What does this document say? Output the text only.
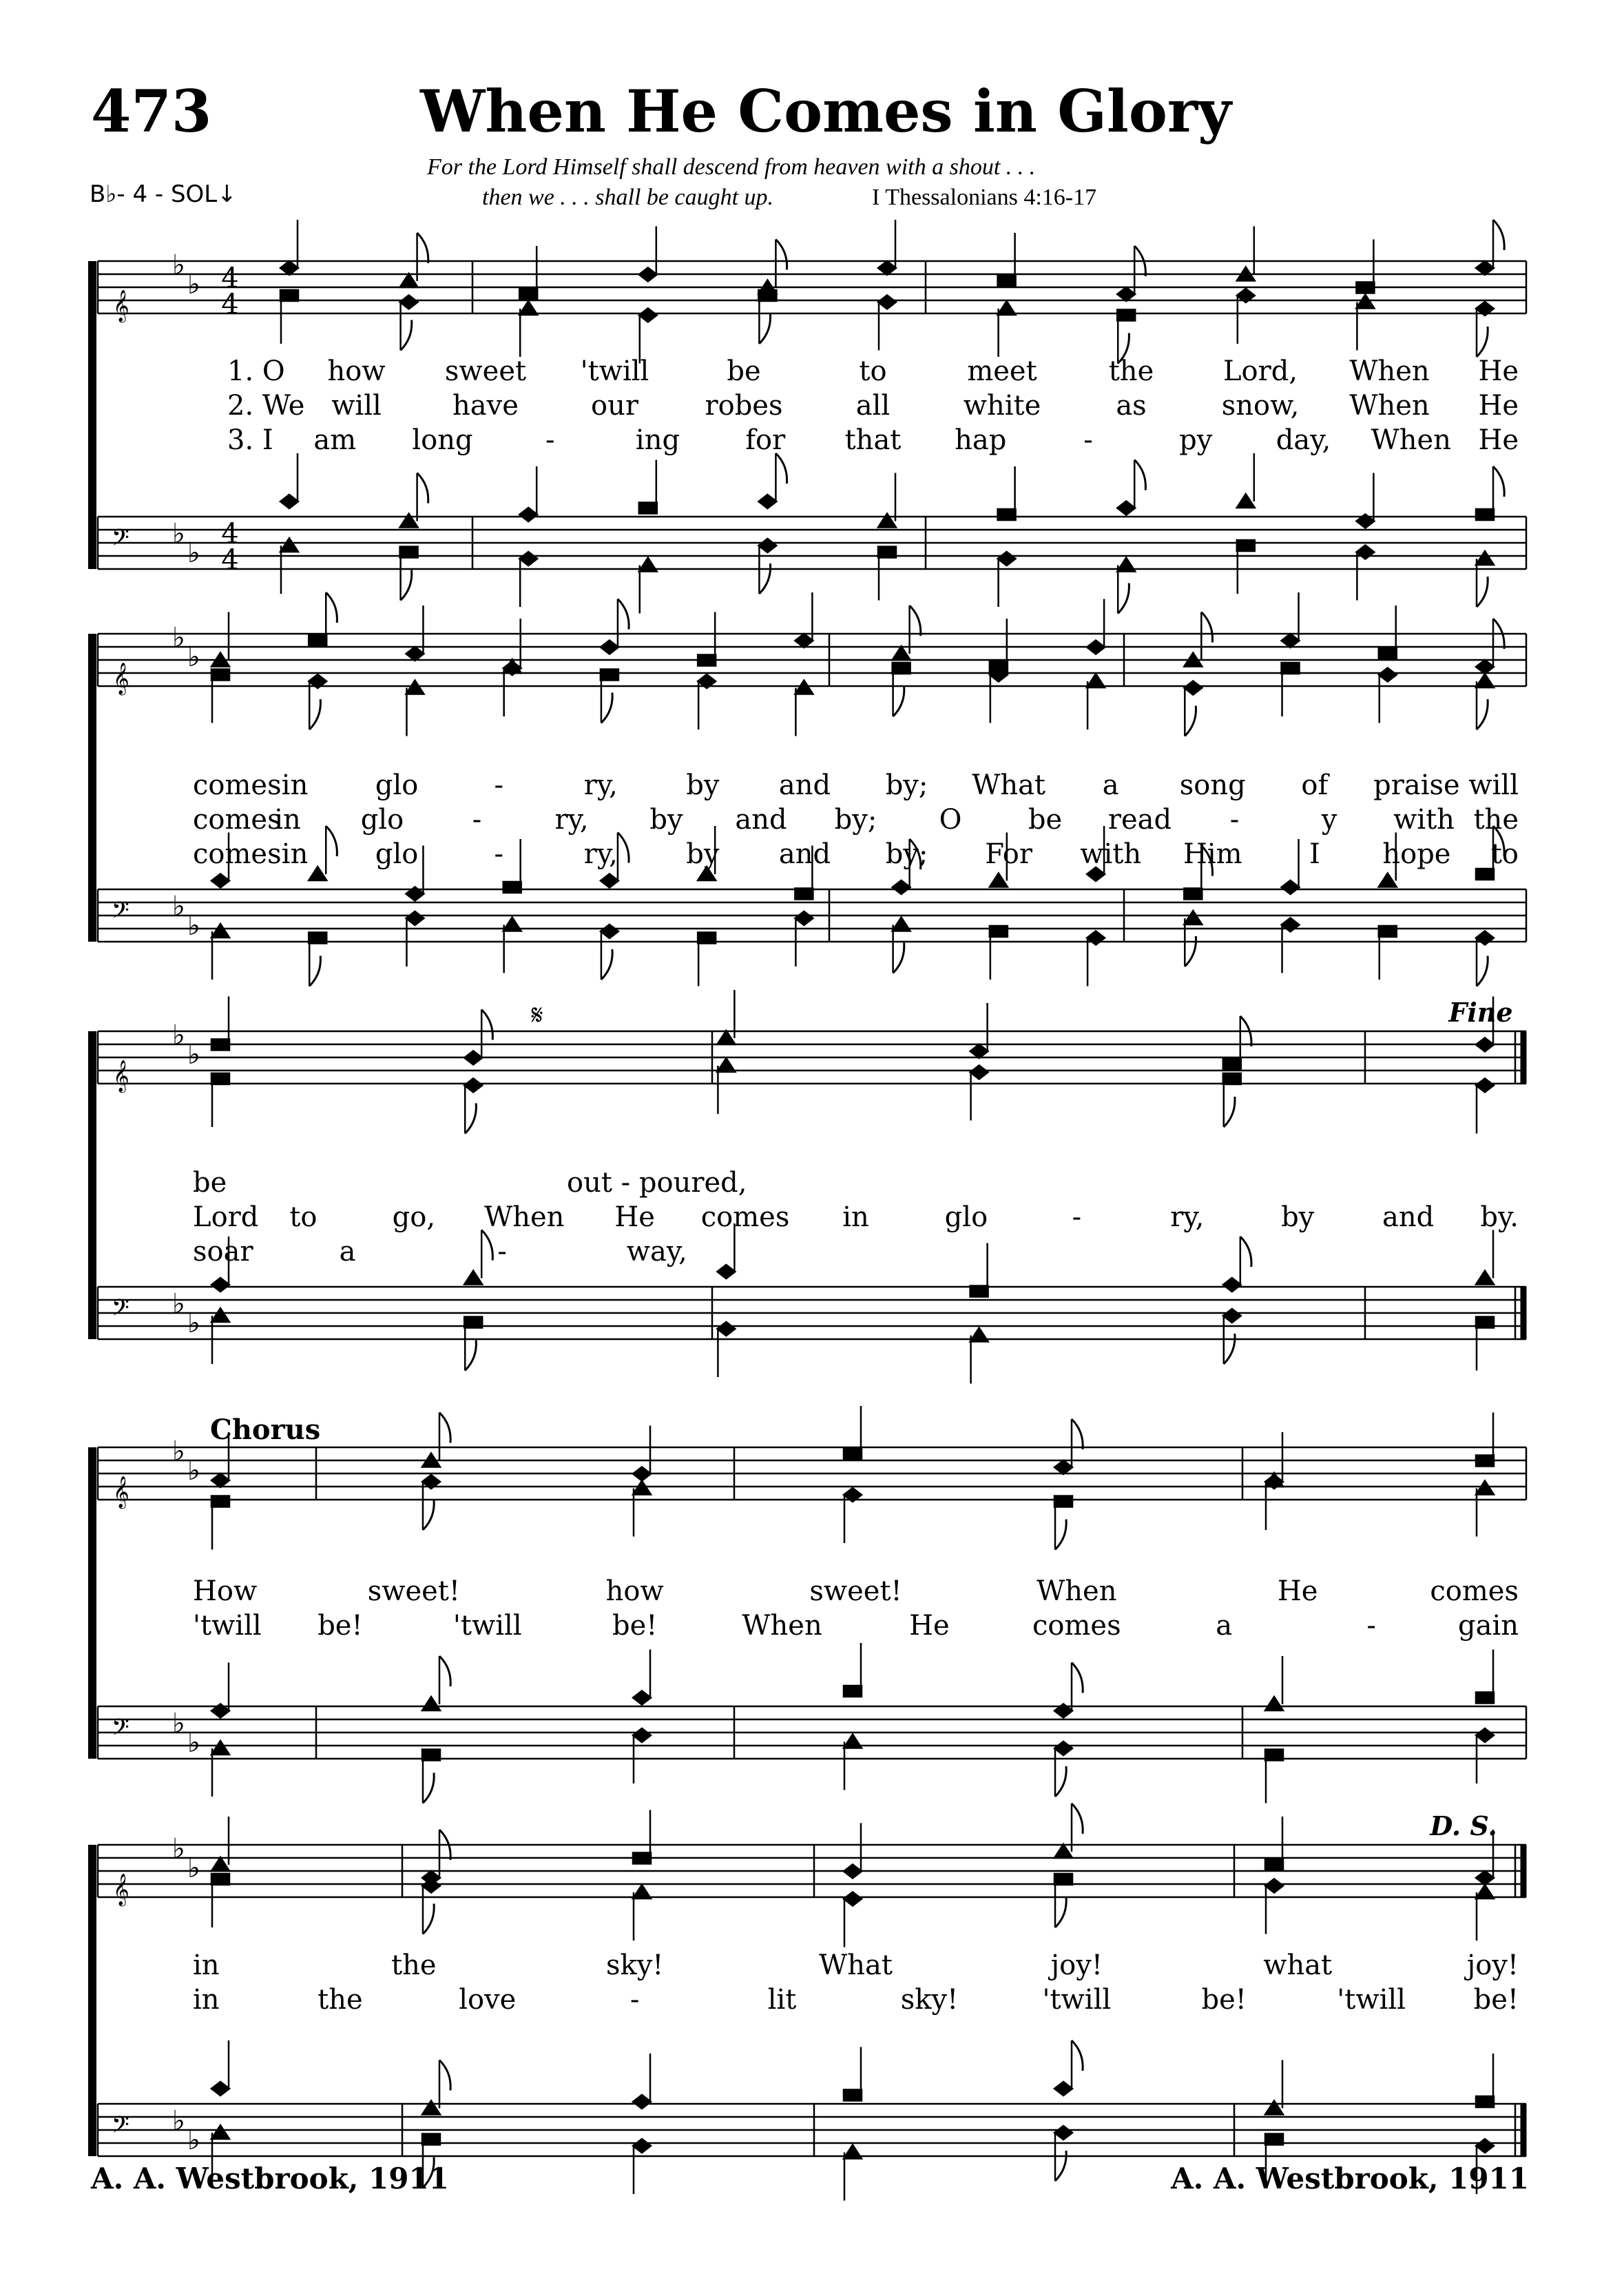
473	When He Comes in Glory
B♭- 4 - SOL↓
For the Lord Himself shall descend from heaven with a shout . . .
then we . . . shall be caught up.	I Thessalonians 4:16-17
𝄞
𝄢
♭
♭
♭
♭
4
4
4
4
1. O how sweet 'twill	be	to	meet	the	Lord, When He
2. We will	have	our robes	all	white	as	snow, When He
3. I am long	-	ing for that hap	-	py day, When He
𝄞
𝄢
♭
♭
♭
♭
comes in glo	-	ry, by and by; What a song of praise will
comes
in glo -	ry, by and by; O be read -	y with the
comes in glo	-	ry, by and by; For with Him I hope to
𝄞
𝄢
♭
♭
♭
♭
𝄋	Fine
be	out - poured,
Lord to	go, When He comes in	glo	-	ry,	by and by.
soar	a	-	way,
𝄞
𝄢
♭
♭
♭
♭
Chorus
How	sweet!	how	sweet!	When	He	comes
'twill be!	'twill	be!	When	He	comes	a	-	gain
𝄞
𝄢
♭
♭
♭
♭
D. S.
in	the	sky!	What	joy!	what	joy!
in	the	love	-	lit	sky!	'twill	be!	'twill be!
A. A. Westbrook, 1911	A. A. Westbrook, 1911
